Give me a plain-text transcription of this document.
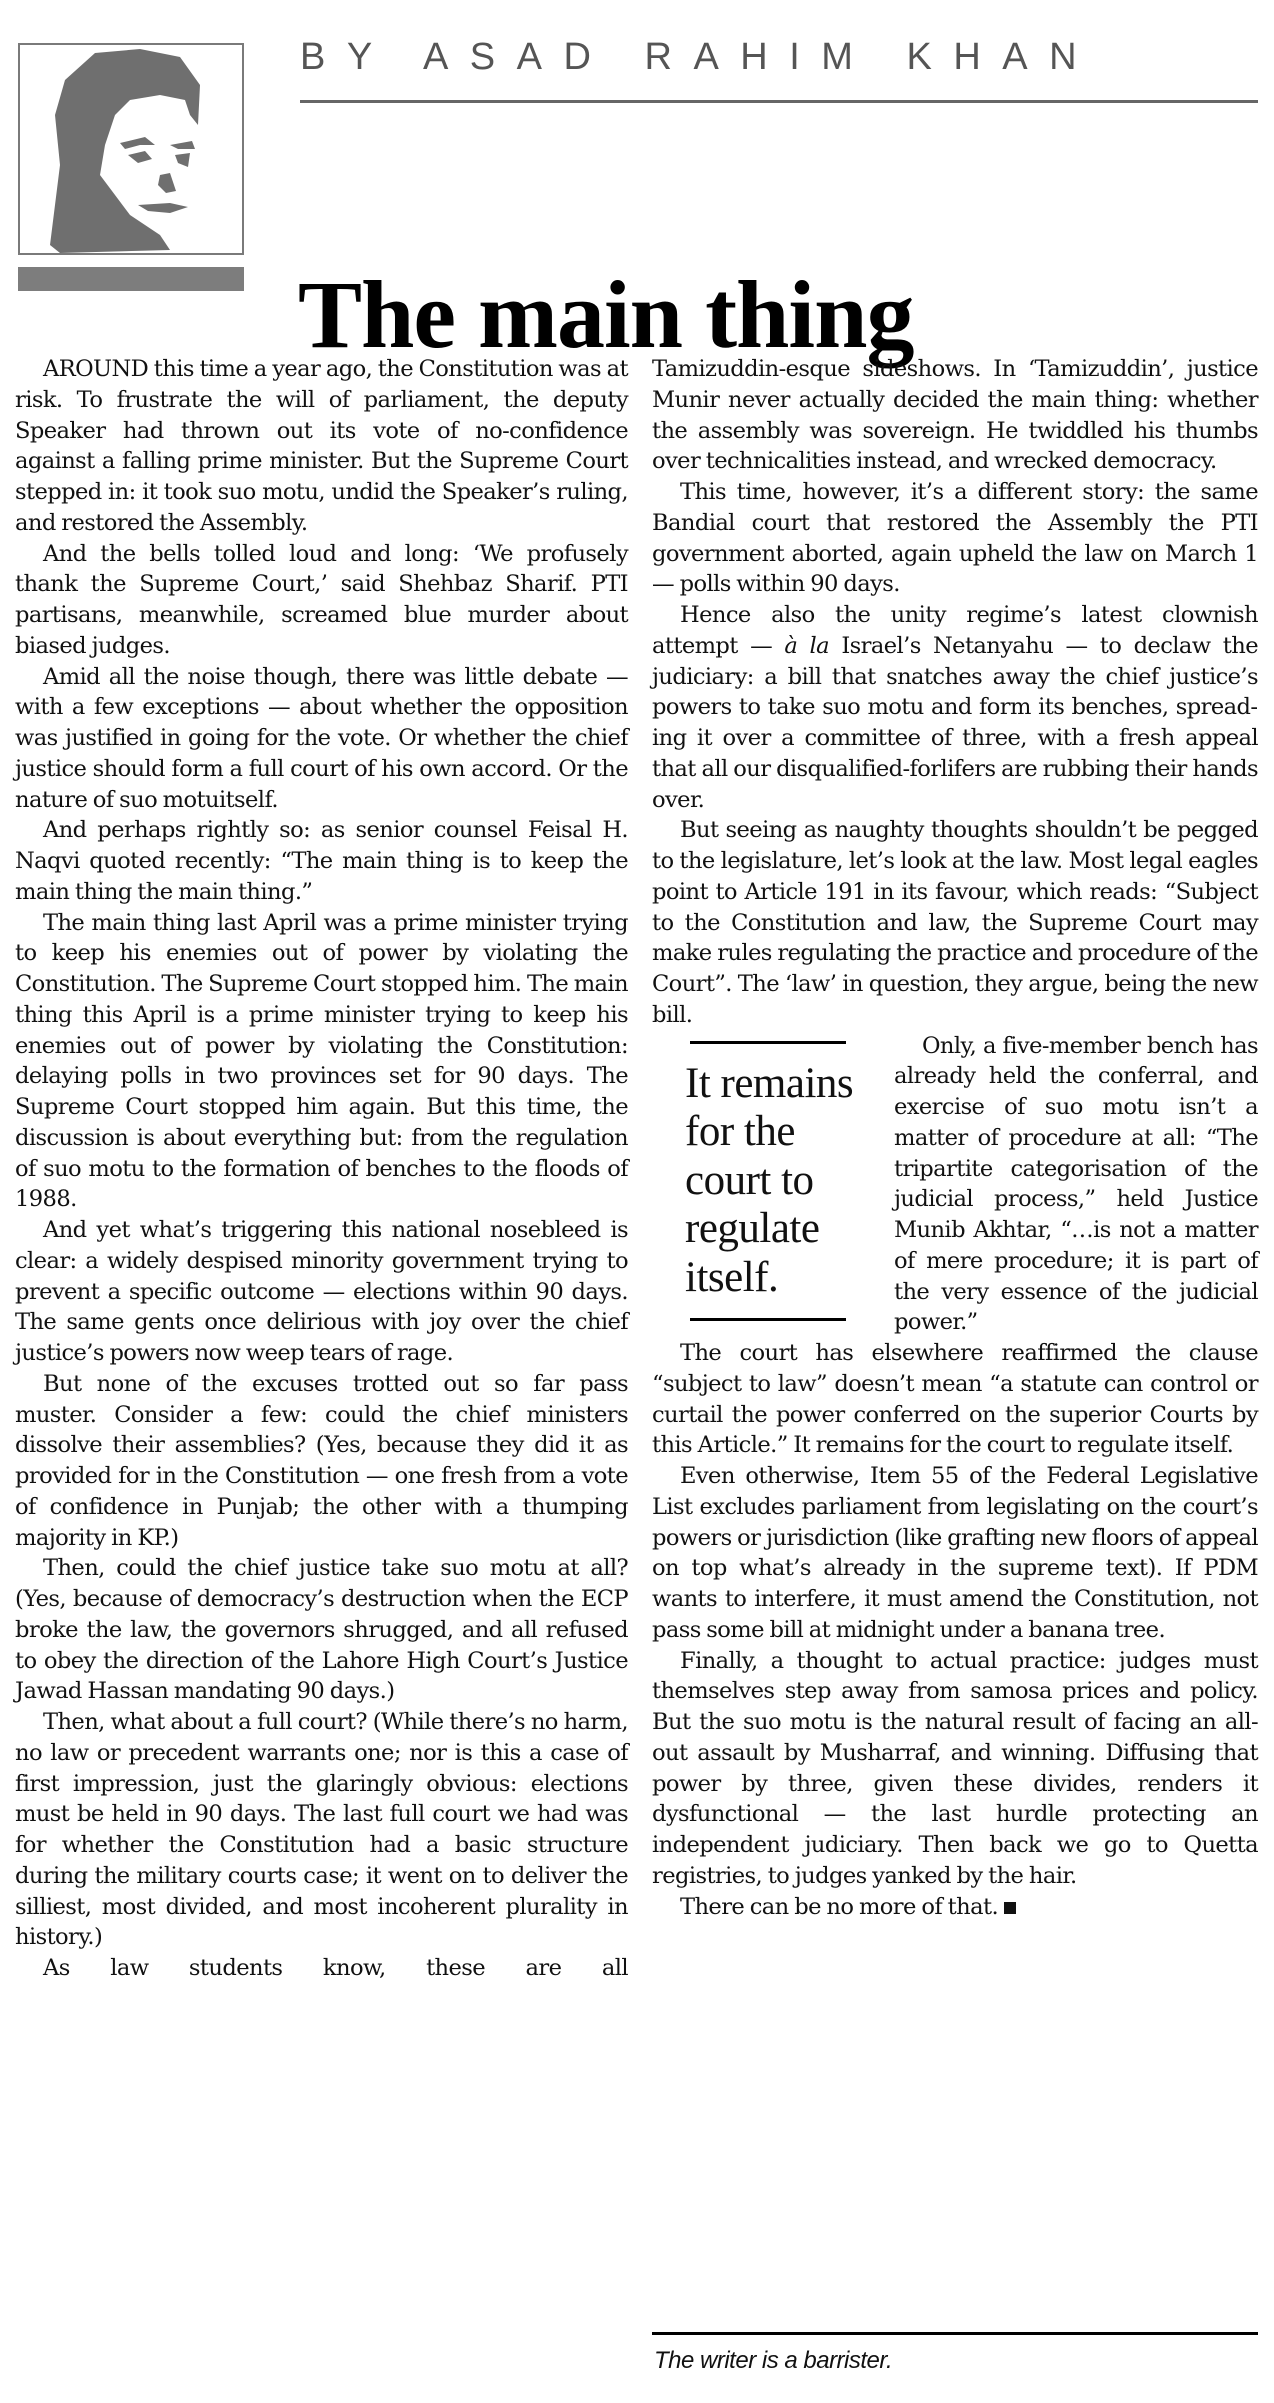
BY ASAD RAHIM KHAN
The main thing

AROUND this time a year ago, the Constitution was at risk. To frustrate the will of parliament, the deputy Speaker had thrown out its vote of no-confidence against a falling prime minister. But the Supreme Court stepped in: it took suo motu, undid the Speaker’s ruling, and restored the Assembly.

And the bells tolled loud and long: ‘We profusely thank the Supreme Court,’ said Shehbaz Sharif. PTI partisans, meanwhile, screamed blue murder about biased judges.

Amid all the noise though, there was little debate — with a few exceptions — about whether the opposition was justified in going for the vote. Or whether the chief justice should form a full court of his own accord. Or the nature of suo motuitself.

And perhaps rightly so: as senior counsel Feisal H. Naqvi quoted recently: “The main thing is to keep the main thing the main thing.”

The main thing last April was a prime minister trying to keep his enemies out of power by violating the Constitution. The Supreme Court stopped him. The main thing this April is a prime minister trying to keep his enemies out of power by violating the Constitution: delaying polls in two provinces set for 90 days. The Supreme Court stopped him again. But this time, the discussion is about everything but: from the regulation of suo motu to the formation of benches to the floods of 1988.

And yet what’s triggering this national nosebleed is clear: a widely despised minority government trying to prevent a specific outcome — elections within 90 days. The same gents once delirious with joy over the chief justice’s powers now weep tears of rage.

But none of the excuses trotted out so far pass muster. Consider a few: could the chief ministers dissolve their assemblies? (Yes, because they did it as provided for in the Constitution — one fresh from a vote of confidence in Punjab; the other with a thumping majority in KP.)

Then, could the chief justice take suo motu at all? (Yes, because of democracy’s destruction when the ECP broke the law, the governors shrugged, and all refused to obey the direction of the Lahore High Court’s Justice Jawad Hassan mandating 90 days.)

Then, what about a full court? (While there’s no harm, no law or precedent warrants one; nor is this a case of first impression, just the glaringly obvious: elections must be held in 90 days. The last full court we had was for whether the Constitution had a basic structure during the military courts case; it went on to deliver the silliest, most divided, and most incoherent plurality in history.)

As law students know, these are all

Tamizuddin-esque sideshows. In ‘Tamizuddin’, justice Munir never actually decided the main thing: whether the assembly was sovereign. He twiddled his thumbs over technicalities instead, and wrecked democracy.

This time, however, it’s a different story: the same Bandial court that restored the Assembly the PTI government aborted, again upheld the law on March 1 — polls within 90 days.

Hence also the unity regime’s latest clownish attempt — à la Israel’s Netanyahu — to declaw the judiciary: a bill that snatches away the chief justice’s powers to take suo motu and form its benches, spreading it over a committee of three, with a fresh appeal that all our disqualified-forlifers are rubbing their hands over.

But seeing as naughty thoughts shouldn’t be pegged to the legislature, let’s look at the law. Most legal eagles point to Article 191 in its favour, which reads: “Subject to the Constitution and law, the Supreme Court may make rules regulating the practice and procedure of the Court”. The ‘law’ in question, they argue, being the new bill.

It remains for the court to regulate itself.

Only, a five-member bench has already held the conferral, and exercise of suo motu isn’t a matter of procedure at all: “The tripartite categorisation of the judicial process,” held Justice Munib Akhtar, “…is not a matter of mere procedure; it is part of the very essence of the judicial power.”

The court has elsewhere reaffirmed the clause “subject to law” doesn’t mean “a statute can control or curtail the power conferred on the superior Courts by this Article.” It remains for the court to regulate itself.

Even otherwise, Item 55 of the Federal Legislative List excludes parliament from legislating on the court’s powers or jurisdiction (like grafting new floors of appeal on top what’s already in the supreme text). If PDM wants to interfere, it must amend the Constitution, not pass some bill at midnight under a banana tree.

Finally, a thought to actual practice: judges must themselves step away from samosa prices and policy. But the suo motu is the natural result of facing an all-out assault by Musharraf, and winning. Diffusing that power by three, given these divides, renders it dysfunctional — the last hurdle protecting an independent judiciary. Then back we go to Quetta registries, to judges yanked by the hair.

There can be no more of that.

The writer is a barrister.
